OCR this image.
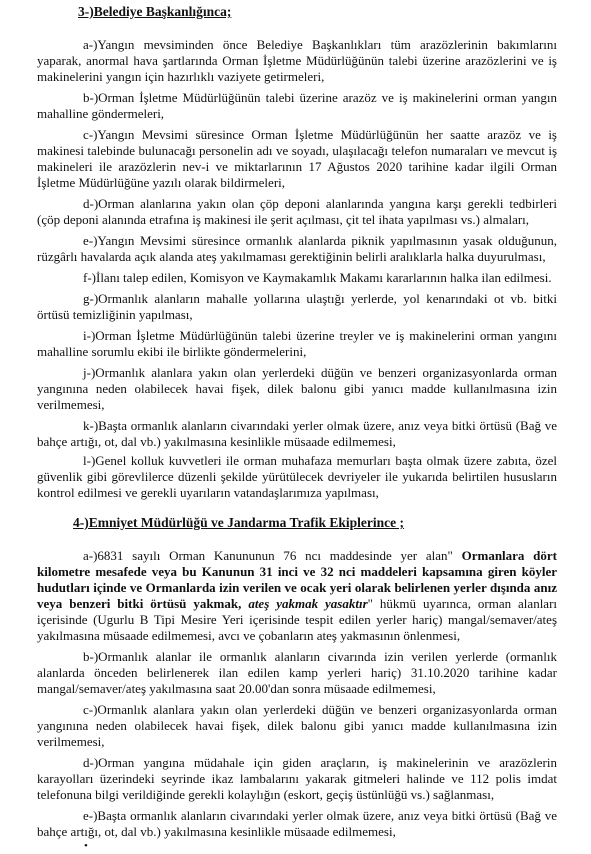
3-)Belediye Başkanlığınca;

a-)Yangın mevsiminden önce Belediye Başkanlıkları tüm arazözlerinin bakımlarını yaparak, anormal hava şartlarında Orman İşletme Müdürlüğünün talebi üzerine arazözlerini ve iş makinelerini yangın için hazırlıklı vaziyete getirmeleri,

b-)Orman İşletme Müdürlüğünün talebi üzerine arazöz ve iş makinelerini orman yangın mahalline göndermeleri,

c-)Yangın Mevsimi süresince Orman İşletme Müdürlüğünün her saatte arazöz ve iş makinesi talebinde bulunacağı personelin adı ve soyadı, ulaşılacağı telefon numaraları ve mevcut iş makineleri ile arazözlerin nev-i ve miktarlarının 17 Ağustos 2020 tarihine kadar ilgili Orman İşletme Müdürlüğüne yazılı olarak bildirmeleri,

d-)Orman alanlarına yakın olan çöp deponi alanlarında yangına karşı gerekli tedbirleri (çöp deponi alanında etrafına iş makinesi ile şerit açılması, çit tel ihata yapılması vs.) almaları,

e-)Yangın Mevsimi süresince ormanlık alanlarda piknik yapılmasının yasak olduğunun, rüzgârlı havalarda açık alanda ateş yakılmaması gerektiğinin belirli aralıklarla halka duyurulması,

f-)İlanı talep edilen, Komisyon ve Kaymakamlık Makamı kararlarının halka ilan edilmesi.

g-)Ormanlık alanların mahalle yollarına ulaştığı yerlerde, yol kenarındaki ot vb. bitki örtüsü temizliğinin yapılması,

i-)Orman İşletme Müdürlüğünün talebi üzerine treyler ve iş makinelerini orman yangını mahalline sorumlu ekibi ile birlikte göndermelerini,

j-)Ormanlık alanlara yakın olan yerlerdeki düğün ve benzeri organizasyonlarda orman yangınına neden olabilecek havai fişek, dilek balonu gibi yanıcı madde kullanılmasına izin verilmemesi,

k-)Başta ormanlık alanların civarındaki yerler olmak üzere, anız veya bitki örtüsü (Bağ ve bahçe artığı, ot, dal vb.) yakılmasına kesinlikle müsaade edilmemesi,

l-)Genel kolluk kuvvetleri ile orman muhafaza memurları başta olmak üzere zabıta, özel güvenlik gibi görevlilerce düzenli şekilde yürütülecek devriyeler ile yukarıda belirtilen hususların kontrol edilmesi ve gerekli uyarıların vatandaşlarımıza yapılması,

4-)Emniyet Müdürlüğü ve Jandarma Trafik Ekiplerince ;

a-)6831 sayılı Orman Kanununun 76 ncı maddesinde yer alan" Ormanlara dört kilometre mesafede veya bu Kanunun 31 inci ve 32 nci maddeleri kapsamına giren köyler hudutları içinde ve Ormanlarda izin verilen ve ocak yeri olarak belirlenen yerler dışında anız veya benzeri bitki örtüsü yakmak, ateş yakmak yasaktır" hükmü uyarınca, orman alanları içerisinde (Ugurlu B Tipi Mesire Yeri içerisinde tespit edilen yerler hariç) mangal/semaver/ateş yakılmasına müsaade edilmemesi, avcı ve çobanların ateş yakmasının önlenmesi,

b-)Ormanlık alanlar ile ormanlık alanların civarında izin verilen yerlerde (ormanlık alanlarda önceden belirlenerek ilan edilen kamp yerleri hariç) 31.10.2020 tarihine kadar mangal/semaver/ateş yakılmasına saat 20.00'dan sonra müsaade edilmemesi,

c-)Ormanlık alanlara yakın olan yerlerdeki düğün ve benzeri organizasyonlarda orman yangınına neden olabilecek havai fişek, dilek balonu gibi yanıcı madde kullanılmasına izin verilmemesi,

d-)Orman yangına müdahale için giden araçların, iş makinelerinin ve arazözlerin karayolları üzerindeki seyrinde ikaz lambalarını yakarak gitmeleri halinde ve 112 polis imdat telefonuna bilgi verildiğinde gerekli kolaylığın (eskort, geçiş üstünlüğü vs.) sağlanması,

e-)Başta ormanlık alanların civarındaki yerler olmak üzere, anız veya bitki örtüsü (Bağ ve bahçe artığı, ot, dal vb.) yakılmasına kesinlikle müsaade edilmemesi,

•
